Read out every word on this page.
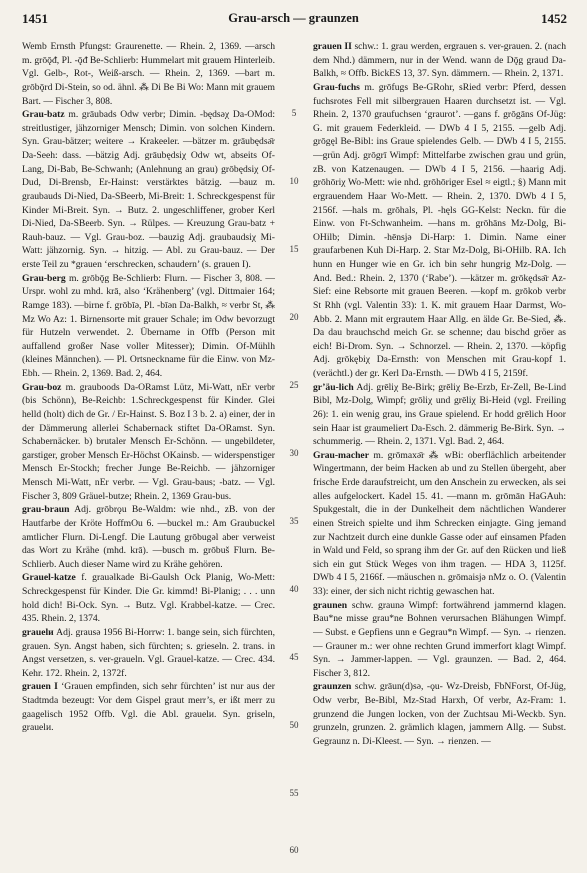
1451	Grau-arsch — graunzen	1452

Wemb Ernsth Pfungst: Graurenette. — Rhein. 2, 1369. —arsch m. grōǭᵭ, Pl. -ǭᵭ Be-Schlierb: Hummelart mit grauem Hinterleib. Vgl. Gelb-, Rot-, Weiß-arsch. — Rhein. 2, 1369. —bart m. grōbǭrd Di-Stein, so od. ähnl. ⁂ Di Be Bi Wo: Mann mit grauem Bart. — Fischer 3, 808.

Grau-batz m. grāubads Odw verbr; Dimin. -będsǝχ Da-OMod: streitlustiger, jähzorniger Mensch; Dimin. von solchen Kindern. Syn. Grau-bätzer; weitere → Krakeeler. —bätzer m. grāubędsǝ̄r Da-Seeh: dass. —bätzig Adj. grāubędsiχ Odw wt, abseits Of-Lang, Di-Bab, Be-Schwanh; (Anlehnung an grau) grōbędsiχ Of-Dud, Di-Brensb, Er-Hainst: verstärktes bätzig. —bauz m. graubauds Di-Nied, Da-SBeerb, Mi-Breit: 1. Schreckgespenst für Kinder Mi-Breit. Syn. → Butz. 2. ungeschliffener, grober Kerl Di-Nied, Da-SBeerb. Syn. → Rülpes. — Kreuzung Grau-batz + Rauh-bauz. — Vgl. Grau-boz. —bauzig Adj. graubaudsiχ Mi-Watt: jähzornig. Syn. → hitzig. — Abl. zu Grau-bauz. — Der erste Teil zu *grauen ‘erschrecken, schaudern’ (s. grauen I).

Grau-berg m. grōbǭg Be-Schlierb: Flurn. — Fischer 3, 808. — Urspr. wohl zu mhd. krā, also ‘Krähenberg’ (vgl. Dittmaier 164; Ramge 183). —birne f. grōbīǝ, Pl. -bīǝn Da-Balkh, ≈ verbr St, ⁂ Mz Wo Az: 1. Birnensorte mit grauer Schale; im Odw bevorzugt für Hutzeln verwendet. 2. Übername in Offb (Person mit auffallend großer Nase voller Mitesser); Dimin. Of-Mühlh (kleines Männchen). — Pl. Ortsneckname für die Einw. von Mz-Ebh. — Rhein. 2, 1369. Bad. 2, 464.

Grau-boz m. grauboods Da-ORamst Lütz, Mi-Watt, nEr verbr (bis Schönn), Be-Reichb: 1.Schreckgespenst für Kinder. Glei helld (holt) dich de Gr. / Er-Hainst. S. Boz I 3 b. 2. a) einer, der in der Dämmerung allerlei Schabernack stiftet Da-ORamst. Syn. Schabernäcker. b) brutaler Mensch Er-Schönn. — ungebildeter, garstiger, grober Mensch Er-Höchst OKainsb. — widerspenstiger Mensch Er-Stockh; frecher Junge Be-Reichb. — jähzorniger Mensch Mi-Watt, nEr verbr. — Vgl. Grau-baus; -batz. — Vgl. Fischer 3, 809 Gräuel-butze; Rhein. 2, 1369 Grau-bus.

grau-braun Adj. grōbrǫu Be-Waldm: wie nhd., zB. von der Hautfarbe der Kröte HoffmOu 6. —buckel m.: Am Graubuckel amtlicher Flurn. Di-Lengf. Die Lautung grōbugǝl aber verweist das Wort zu Krähe (mhd. krā). —busch m. grōbuš Flurn. Be-Schlierb. Auch dieser Name wird zu Krähe gehören.

Grauel-katze f. grauǝlkade Bi-Gaulsh Ock Planig, Wo-Mett: Schreckgespenst für Kinder. Die Gr. kimmd! Bi-Planig; . . . unn hold dich! Bi-Ock. Syn. → Butz. Vgl. Krabbel-katze. — Crec. 435. Rhein. 2, 1374.

grauelи Adj. grausǝ 1956 Bi-Horrw: 1. bange sein, sich fürchten, grauen. Syn. Angst haben, sich fürchten; s. grieseln. 2. trans. in Angst versetzen, s. ver-graueln. Vgl. Grauel-katze. — Crec. 434. Kehr. 172. Rhein. 2, 1372f.

grauen I ‘Grauen empfinden, sich sehr fürchten’ ist nur aus der Stadtmda bezeugt: Vor dem Gispel graut merr’s, er ißt merr zu gaagelisch 1952 Offb. Vgl. die Abl. grauelи. Syn. griseln, grauelи.

5
10
15
20
25
30
35
40
45
50
55
60

grauen II schw.: 1. grau werden, ergrauen s. ver-grauen. 2. (nach dem Nhd.) dämmern, nur in der Wend. wann de Dǭg graud Da-Balkh, ≈ Offb. BickES 13, 37. Syn. dämmern. — Rhein. 2, 1371.

Grau-fuchs m. grōfugs Be-GRohr, sRied verbr: Pferd, dessen fuchsrotes Fell mit silbergrauen Haaren durchsetzt ist. — Vgl. Rhein. 2, 1370 graufuchsen ‘graurot’. —gans f. grōgāns Of-Jüg: G. mit grauem Federkleid. — DWb 4 I 5, 2155. —gelb Adj. grōgęl Be-Bibl: ins Graue spielendes Gelb. — DWb 4 I 5, 2155. —grün Adj. grōgrī Wimpf: Mittelfarbe zwischen grau und grün, zB. von Katzenaugen. — DWb 4 I 5, 2156. —haarig Adj. grōhōriχ Wo-Mett: wie nhd. grōhōriger Esel ≈ eigtl.; §) Mann mit ergrauendem Haar Wo-Mett. — Rhein. 2, 1370. DWb 4 I 5, 2156f. —hals m. grōhals, Pl. -hęls GG-Kelst: Neckn. für die Einw. von Ft-Schwanheim. —hans m. grōhāns Mz-Dolg, Bi-OHilb; Dimin. -hēnsjǝ Di-Harp: 1. Dimin. Name einer graufarbenen Kuh Di-Harp. 2. Star Mz-Dolg, Bi-OHilb. RA. Ich hunn en Hunger wie en Gr. ich bin sehr hungrig Mz-Dolg. — And. Bed.: Rhein. 2, 1370 (‘Rabe’). —kätzer m. grōkędsǝ̄r Az-Sief: eine Rebsorte mit grauen Beeren. —kopf m. grōkob verbr St Rhh (vgl. Valentin 33): 1. K. mit grauem Haar Darmst, Wo-Abb. 2. Mann mit ergrautem Haar Allg. en älde Gr. Be-Sied, ⁂. Da dau brauchschd meich Gr. se schenne; dau bischd gröer as eich! Bi-Drom. Syn. → Schnorzel. — Rhein. 2, 1370. —köpfig Adj. grōkębiχ Da-Ernsth: von Menschen mit Grau-kopf 1. (verächtl.) der gr. Kerl Da-Ernsth. — DWb 4 I 5, 2159f.

gr’äu-lich Adj. grēliχ Be-Birk; grēliχ Be-Erzb, Er-Zell, Be-Lind Bibl, Mz-Dolg, Wimpf; grōliχ und grēliχ Bi-Heid (vgl. Freiling 26): 1. ein wenig grau, ins Graue spielend. Er hodd grēlich Hoor sein Haar ist graumeliert Da-Esch. 2. dämmerig Be-Birk. Syn. → schummerig. — Rhein. 2, 1371. Vgl. Bad. 2, 464.

Grau-macher m. grōmaxǝ̄r ⁂ wBi: oberflächlich arbeitender Wingertmann, der beim Hacken ab und zu Stellen übergeht, aber frische Erde daraufstreicht, um den Anschein zu erwecken, als sei alles aufgelockert. Kadel 15. 41. —mann m. grōmān HaGAuh: Spukgestalt, die in der Dunkelheit dem nächtlichen Wanderer einen Streich spielte und ihm Schrecken einjagte. Ging jemand zur Nachtzeit durch eine dunkle Gasse oder auf einsamen Pfaden in Wald und Feld, so sprang ihm der Gr. auf den Rücken und ließ sich ein gut Stück Weges von ihm tragen. — HDA 3, 1125f. DWb 4 I 5, 2166f. —mäuschen n. grōmaisjǝ nMz o. O. (Valentin 33): einer, der sich nicht richtig gewaschen hat.

graunen schw. graunǝ Wimpf: fortwährend jammernd klagen. Bau*ne misse grau*ne Bohnen verursachen Blähungen Wimpf. — Subst. e Gepfiens unn e Gegrau*n Wimpf. — Syn. → rienzen. — Grauner m.: wer ohne rechten Grund immerfort klagt Wimpf. Syn. → Jammer-lappen. — Vgl. graunzen. — Bad. 2, 464. Fischer 3, 812.

graunzen schw. grāun(d)sǝ, -ǫu- Wz-Dreisb, FbNForst, Of-Jüg, Odw verbr, Be-Bibl, Mz-Stad Harxh, Of verbr, Az-Fram: 1. grunzend die Jungen locken, von der Zuchtsau Mi-Weckb. Syn. grunzeln, grunzen. 2. grämlich klagen, jammern Allg. — Subst. Gegraunz n. Di-Kleest. — Syn. → rienzen. —
